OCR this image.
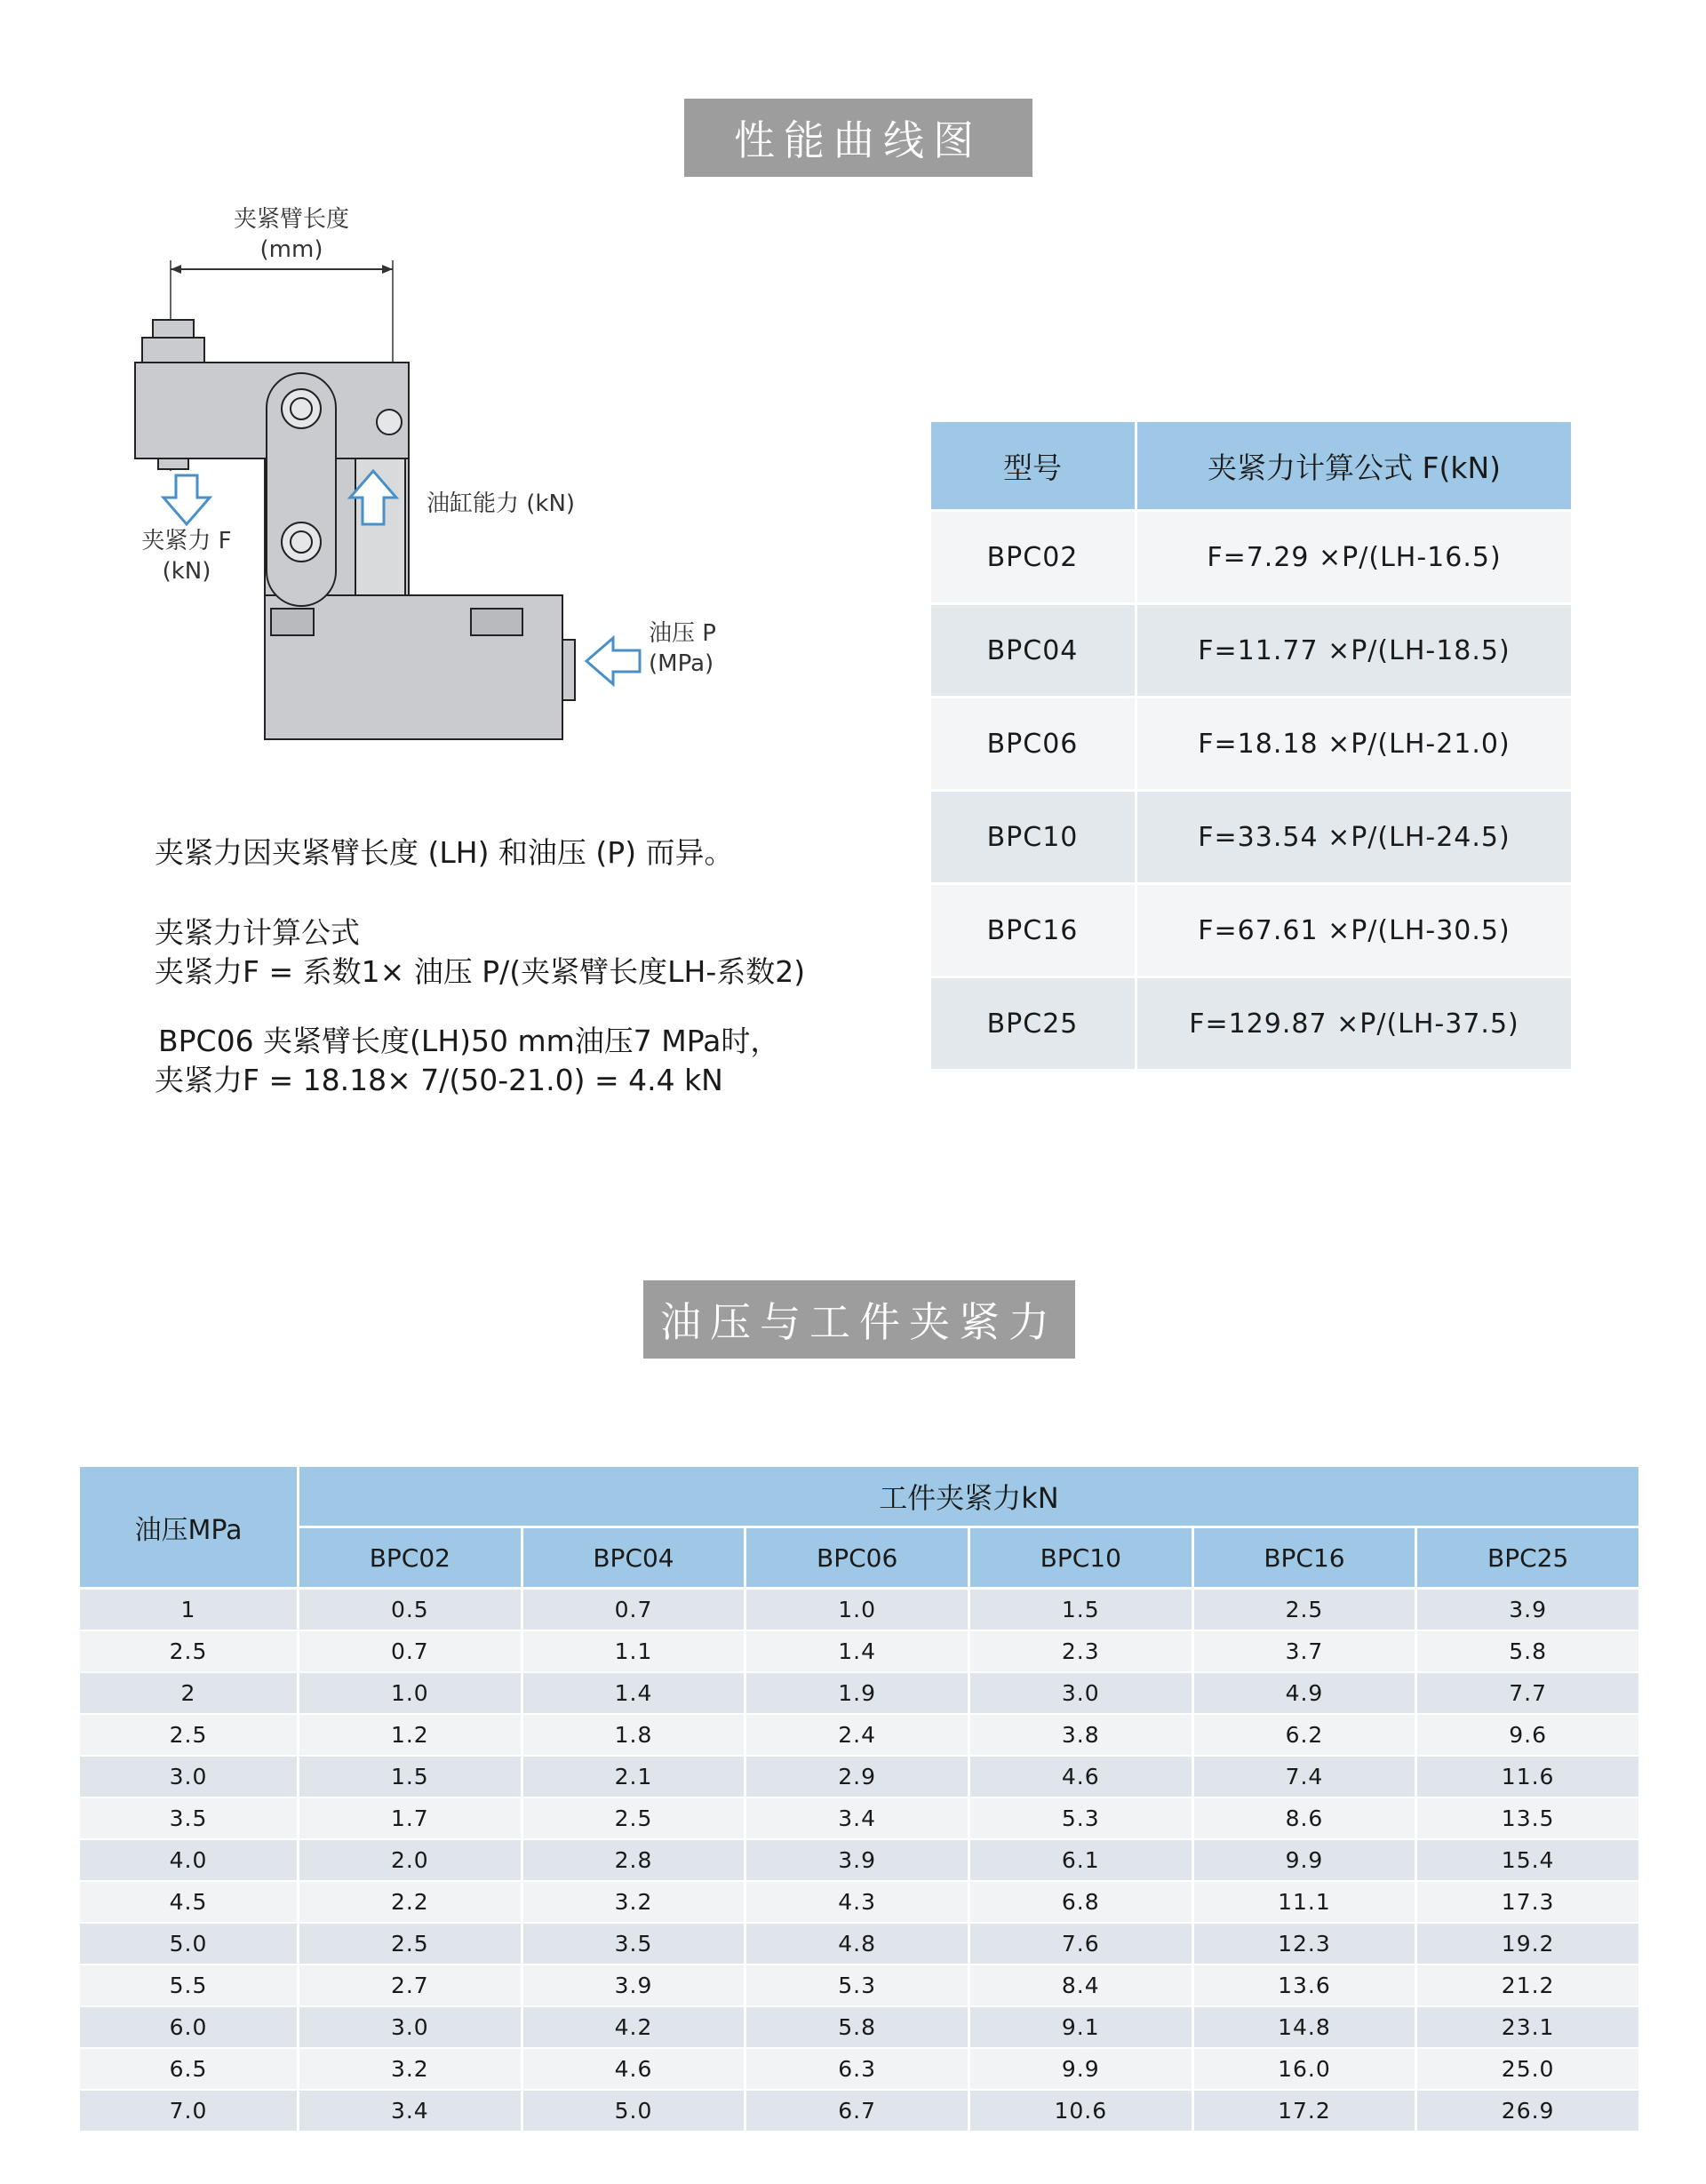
性能曲线图
油压与工件夹紧力
夹紧臂长度
(mm)
夹紧力 F
(kN)
油缸能力 (kN)
油压 P
(MPa)
夹紧力因夹紧臂长度 (LH) 和油压 (P) 而异。
夹紧力计算公式
夹紧力F = 系数1× 油压 P/(夹紧臂长度LH-系数2)
BPC06 夹紧臂长度(LH)50 mm油压7 MPa时，
夹紧力F = 18.18× 7/(50-21.0) = 4.4 kN
型号	夹紧力计算公式 F(kN)
BPC02	F=7.29 ×P/(LH-16.5)
BPC04	F=11.77 ×P/(LH-18.5)
BPC06	F=18.18 ×P/(LH-21.0)
BPC10	F=33.54 ×P/(LH-24.5)
BPC16	F=67.61 ×P/(LH-30.5)
BPC25	F=129.87 ×P/(LH-37.5)
油压MPa	工件夹紧力kN					
	BPC02	BPC04	BPC06	BPC10	BPC16	BPC25
1	0.5	0.7	1.0	1.5	2.5	3.9
2.5	0.7	1.1	1.4	2.3	3.7	5.8
2	1.0	1.4	1.9	3.0	4.9	7.7
2.5	1.2	1.8	2.4	3.8	6.2	9.6
3.0	1.5	2.1	2.9	4.6	7.4	11.6
3.5	1.7	2.5	3.4	5.3	8.6	13.5
4.0	2.0	2.8	3.9	6.1	9.9	15.4
4.5	2.2	3.2	4.3	6.8	11.1	17.3
5.0	2.5	3.5	4.8	7.6	12.3	19.2
5.5	2.7	3.9	5.3	8.4	13.6	21.2
6.0	3.0	4.2	5.8	9.1	14.8	23.1
6.5	3.2	4.6	6.3	9.9	16.0	25.0
7.0	3.4	5.0	6.7	10.6	17.2	26.9
